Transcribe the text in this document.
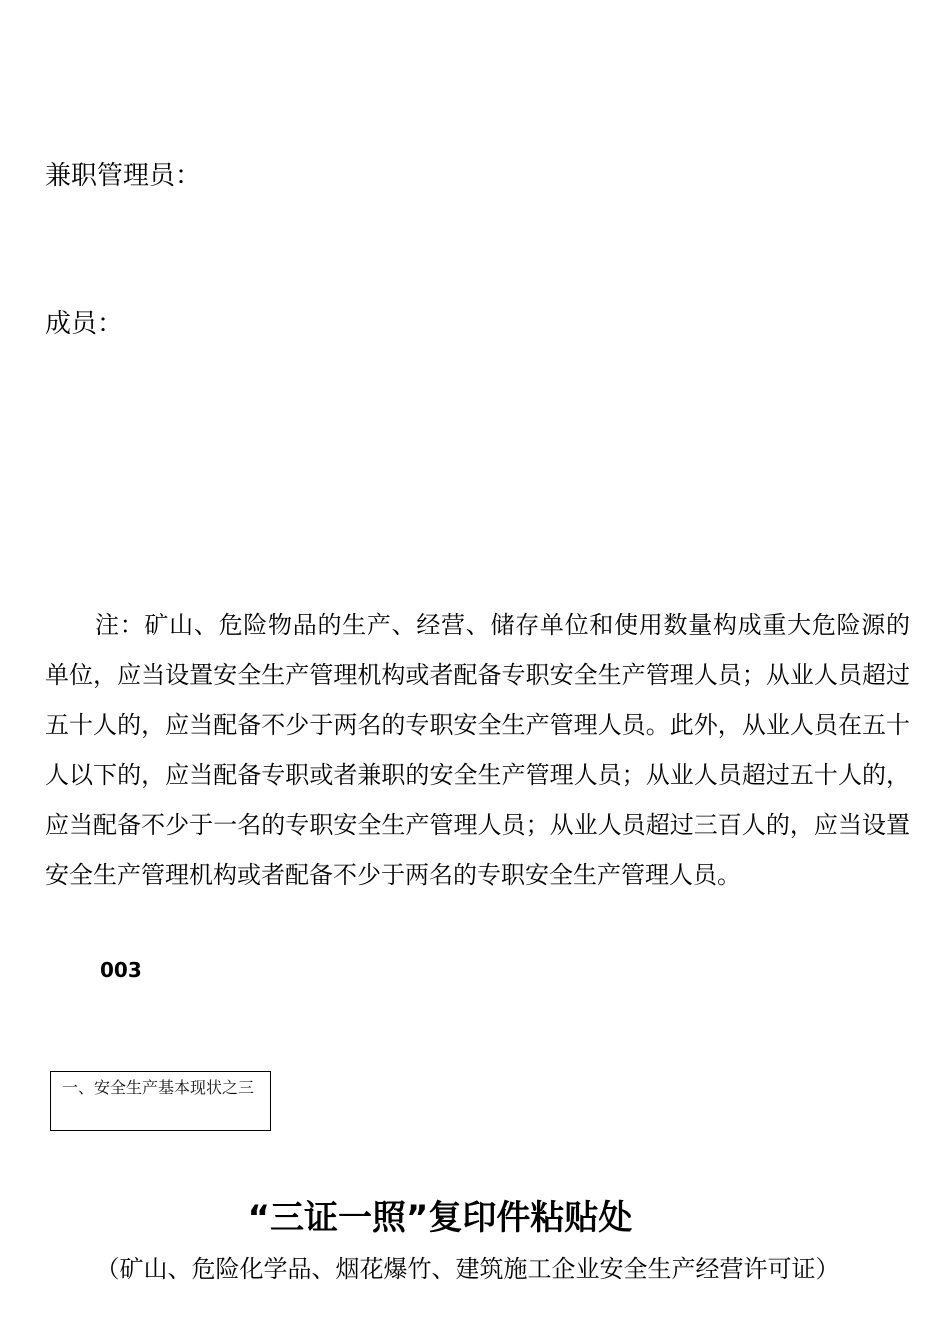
兼职管理员：

成员：

注：矿山、危险物品的生产、经营、储存单位和使用数量构成重大危险源的单位，应当设置安全生产管理机构或者配备专职安全生产管理人员；从业人员超过五十人的，应当配备不少于两名的专职安全生产管理人员。此外，从业人员在五十人以下的，应当配备专职或者兼职的安全生产管理人员；从业人员超过五十人的，应当配备不少于一名的专职安全生产管理人员；从业人员超过三百人的，应当设置安全生产管理机构或者配备不少于两名的专职安全生产管理人员。

003

一、安全生产基本现状之三
“三证一照”复印件粘贴处

（矿山、危险化学品、烟花爆竹、建筑施工企业安全生产经营许可证）
